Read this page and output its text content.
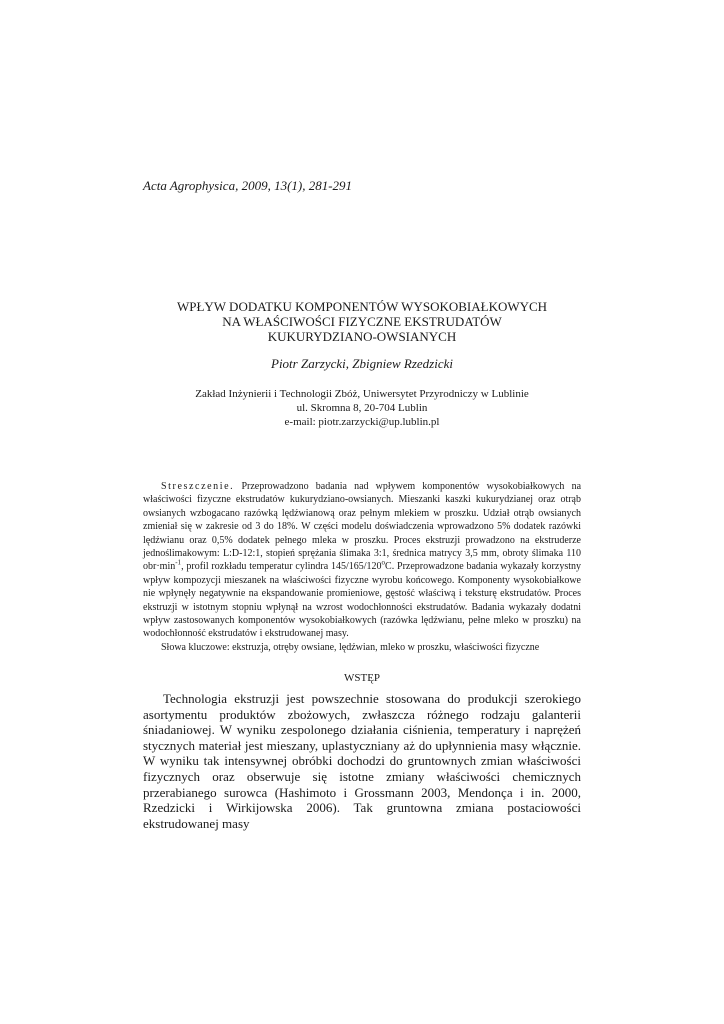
Acta Agrophysica, 2009, 13(1), 281-291
WPŁYW DODATKU KOMPONENTÓW WYSOKOBIAŁKOWYCH
NA WŁAŚCIWOŚCI FIZYCZNE EKSTRUDATÓW
KUKURYDZIANO-OWSIANYCH
Piotr Zarzycki, Zbigniew Rzedzicki
Zakład Inżynierii i Technologii Zbóż, Uniwersytet Przyrodniczy w Lublinie
ul. Skromna 8, 20-704 Lublin
e-mail: piotr.zarzycki@up.lublin.pl

Streszczenie. Przeprowadzono badania nad wpływem komponentów wysokobiałkowych na właściwości fizyczne ekstrudatów kukurydziano-owsianych. Mieszanki kaszki kukurydzianej oraz otrąb owsianych wzbogacano razówką lędźwianową oraz pełnym mlekiem w proszku. Udział otrąb owsianych zmieniał się w zakresie od 3 do 18%. W części modelu doświadczenia wprowadzono 5% dodatek razówki lędźwianu oraz 0,5% dodatek pełnego mleka w proszku. Proces ekstruzji prowadzono na ekstruderze jednoślimakowym: L:D-12:1, stopień sprężania ślimaka 3:1, średnica matrycy 3,5 mm, obroty ślimaka 110 $obr\cdot\min^{-1}$, profil rozkładu temperatur cylindra 145/165/120$^o$C. Przeprowadzone badania wykazały korzystny wpływ kompozycji mieszanek na właściwości fizyczne wyrobu końcowego. Komponenty wysokobiałkowe nie wpłynęły negatywnie na ekspandowanie promieniowe, gęstość właściwą i teksturę ekstrudatów. Proces ekstruzji w istotnym stopniu wpłynął na wzrost wodochłonności ekstrudatów. Badania wykazały dodatni wpływ zastosowanych komponentów wysokobiałkowych (razówka lędźwianu, pełne mleko w proszku) na wodochłonność ekstrudatów i ekstrudowanej masy.

Słowa kluczowe: ekstruzja, otręby owsiane, lędźwian, mleko w proszku, właściwości fizyczne

WSTĘP

Technologia ekstruzji jest powszechnie stosowana do produkcji szerokiego asortymentu produktów zbożowych, zwłaszcza różnego rodzaju galanterii śniadaniowej. W wyniku zespolonego działania ciśnienia, temperatury i naprężeń stycznych materiał jest mieszany, uplastyczniany aż do upłynnienia masy włącznie. W wyniku tak intensywnej obróbki dochodzi do gruntownych zmian właściwości fizycznych oraz obserwuje się istotne zmiany właściwości chemicznych przerabianego surowca (Hashimoto i Grossmann 2003, Mendonça i in. 2000, Rzedzicki i Wirkijowska 2006). Tak gruntowna zmiana postaciowości ekstrudowanej masy
